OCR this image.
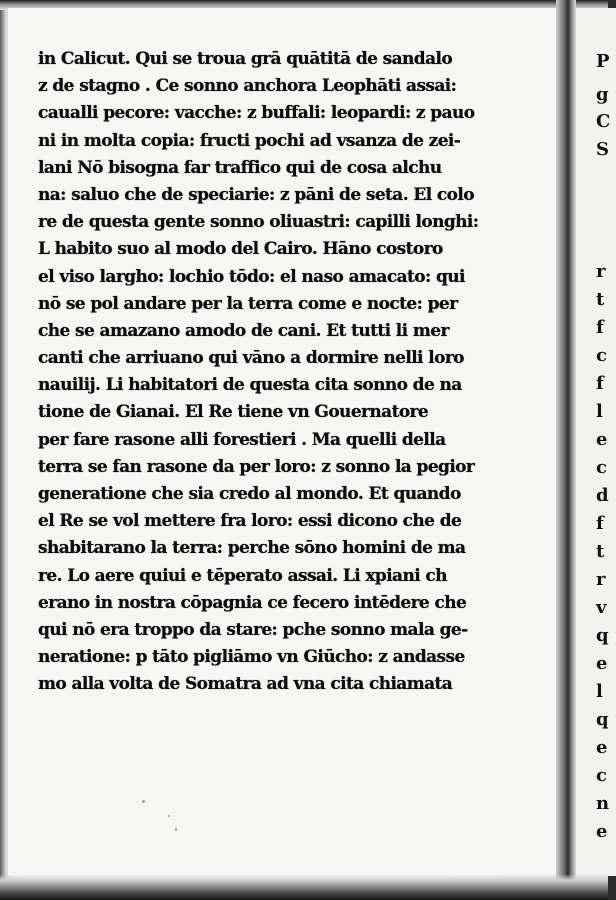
in Calicut. Qui se troua grā quātitā de sandalo
z de stagno . Ce sonno anchora Leophāti assai:
caualli pecore: vacche: z buffali: leopardi: z pauo
ni in molta copia: fructi pochi ad vsanza de zei-
lani Nō bisogna far traffico qui de cosa alchu
na: saluo che de speciarie: z pāni de seta. El colo
re de questa gente sonno oliuastri: capilli longhi:
L habito suo al modo del Cairo. Hāno costoro
el viso largho: lochio tōdo: el naso amacato: qui
nō se pol andare per la terra come e nocte: per
che se amazano amodo de cani. Et tutti li mer
canti che arriuano qui vāno a dormire nelli loro
nauilij. Li habitatori de questa cita sonno de na
tione de Gianai. El Re tiene vn Gouernatore
per fare rasone alli forestieri . Ma quelli della
terra se fan rasone da per loro: z sonno la pegior
generatione che sia credo al mondo. Et quando
el Re se vol mettere fra loro: essi dicono che de
shabitarano la terra: perche sōno homini de ma
re. Lo aere quiui e tēperato assai. Li xpiani ch
erano in nostra cōpagnia ce fecero intēdere che
qui nō era troppo da stare: pche sonno mala ge-
neratione: p tāto pigliāmo vn Giūcho: z andasse
mo alla volta de Somatra ad vna cita chiamata
P
g
C
S
r
t
f
c
f
l
e
c
d
f
t
r
v
q
e
l
q
e
c
n
e
